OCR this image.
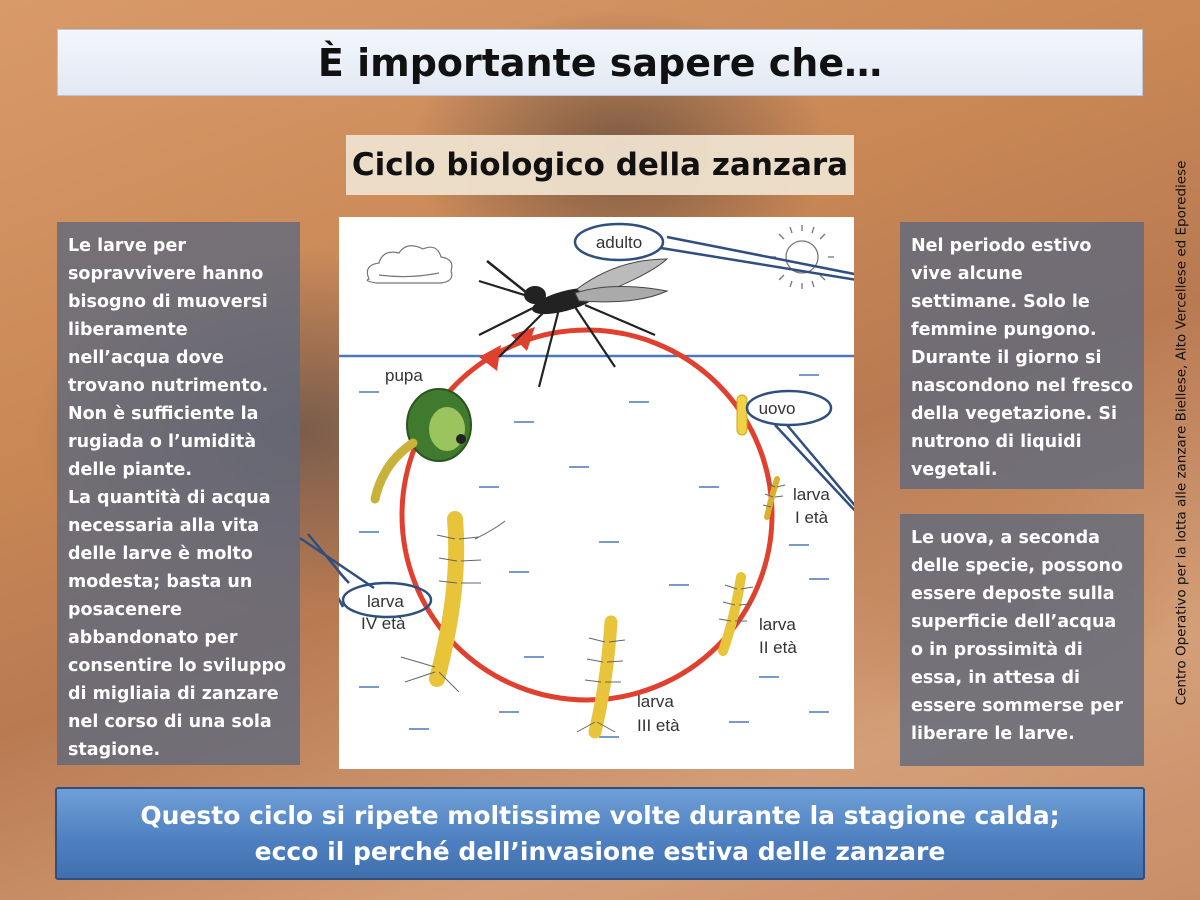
È importante sapere che…
Ciclo biologico della zanzara

Le larve per sopravvivere hanno bisogno di muoversi liberamente nell’acqua dove trovano nutrimento. Non è sufficiente la rugiada o l’umidità delle piante.

La quantità di acqua necessaria alla vita delle larve è molto modesta; basta un posacenere abbandonato per consentire lo sviluppo di migliaia di zanzare nel corso di una sola stagione.

Nel periodo estivo vive alcune settimane. Solo le femmine pungono. Durante il giorno si nascondono nel fresco della vegetazione. Si nutrono di liquidi vegetali.

Le uova, a seconda delle specie, possono essere deposte sulla superficie dell’acqua o in prossimità di essa, in attesa di essere sommerse per liberare le larve.

adulto
uovo
pupa
larva
I età
larva
II età
larva
III età
larva
IV età	Centro Operativo per la lotta alle zanzare Biellese, Alto Vercellese ed Eporediese
Questo ciclo si ripete moltissime volte durante la stagione calda;
ecco il perché dell’invasione estiva delle zanzare
